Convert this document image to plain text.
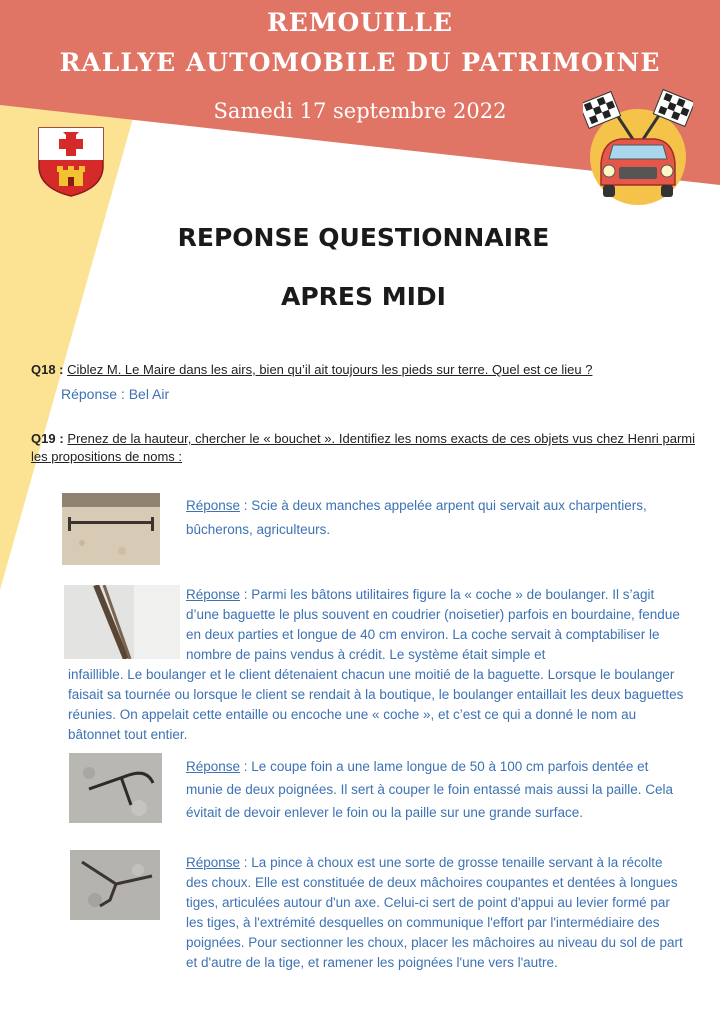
REMOUILLE
RALLYE AUTOMOBILE DU PATRIMOINE
Samedi 17 septembre 2022
REPONSE QUESTIONNAIRE
APRES MIDI
Q18 : Ciblez M. Le Maire dans les airs, bien qu’il ait toujours les pieds sur terre. Quel est ce lieu ?
Réponse : Bel Air
Q19 : Prenez de la hauteur, chercher le « bouchet ». Identifiez les noms exacts de ces objets vus chez Henri parmi les propositions de noms :
Réponse : Scie à deux manches appelée arpent qui servait aux charpentiers, bûcherons, agriculteurs.
Réponse : Parmi les bâtons utilitaires figure la « coche » de boulanger. Il s’agit d’une baguette le plus souvent en coudrier (noisetier) parfois en bourdaine, fendue en deux parties et longue de 40 cm environ. La coche servait à comptabiliser le nombre de pains vendus à crédit. Le système était simple et
infaillible. Le boulanger et le client détenaient chacun une moitié de la baguette. Lorsque le boulanger faisait sa tournée ou lorsque le client se rendait à la boutique, le boulanger entaillait les deux baguettes réunies. On appelait cette entaille ou encoche une « coche », et c’est ce qui a donné le nom au bâtonnet tout entier.
Réponse : Le coupe foin a une lame longue de 50 à 100 cm parfois dentée et munie de deux poignées. Il sert à couper le foin entassé mais aussi la paille. Cela évitait de devoir enlever le foin ou la paille sur une grande surface.
Réponse : La pince à choux est une sorte de grosse tenaille servant à la récolte des choux. Elle est constituée de deux mâchoires coupantes et dentées à longues tiges, articulées autour d'un axe. Celui-ci sert de point d'appui au levier formé par les tiges, à l'extrémité desquelles on communique l'effort par l'intermédiaire des poignées. Pour sectionner les choux, placer les mâchoires au niveau du sol de part et d'autre de la tige, et ramener les poignées l'une vers l'autre.
